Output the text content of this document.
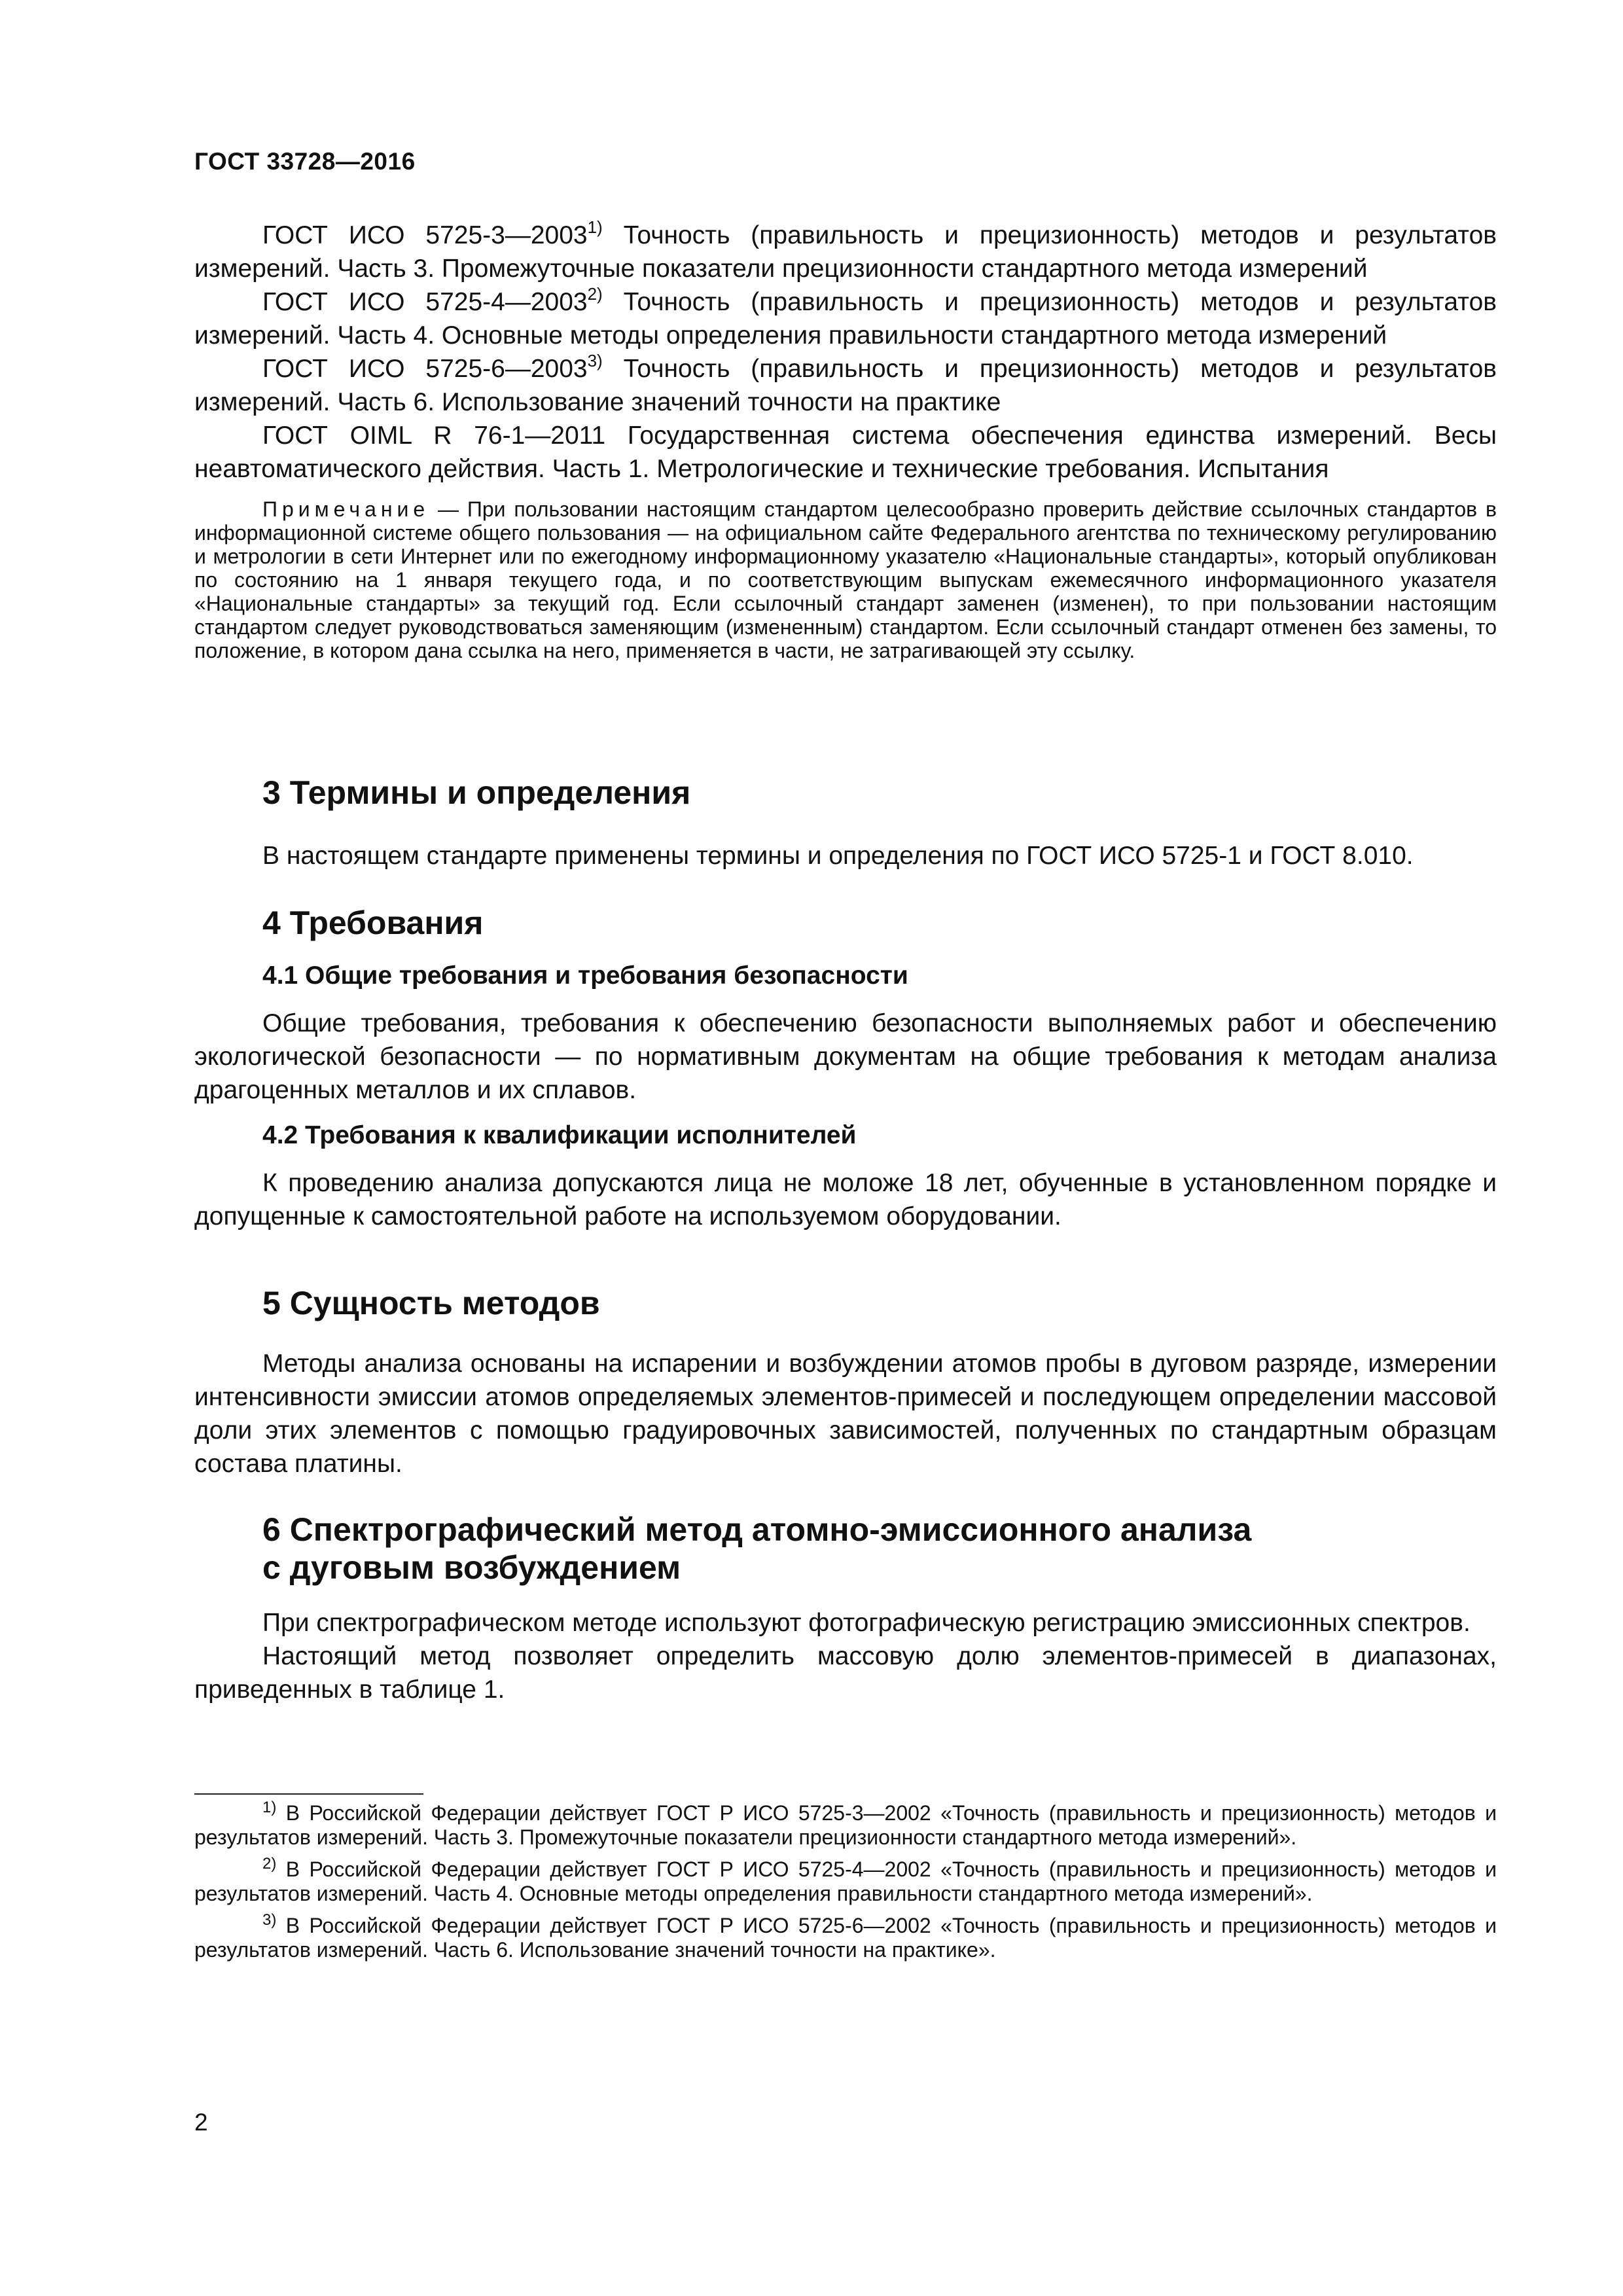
ГОСТ 33728—2016

ГОСТ ИСО 5725-3—2003$^{1)}$ Точность (правильность и прецизионность) методов и результатов измерений. Часть 3. Промежуточные показатели прецизионности стандартного метода измерений

ГОСТ ИСО 5725-4—2003$^{2)}$ Точность (правильность и прецизионность) методов и результатов измерений. Часть 4. Основные методы определения правильности стандартного метода измерений

ГОСТ ИСО 5725-6—2003$^{3)}$ Точность (правильность и прецизионность) методов и результатов измерений. Часть 6. Использование значений точности на практике

ГОСТ OIML R 76-1—2011 Государственная система обеспечения единства измерений. Весы неавтоматического действия. Часть 1. Метрологические и технические требования. Испытания

Примечание — При пользовании настоящим стандартом целесообразно проверить действие ссылочных стандартов в информационной системе общего пользования — на официальном сайте Федерального агентства по техническому регулированию и метрологии в сети Интернет или по ежегодному информационному указателю «Национальные стандарты», который опубликован по состоянию на 1 января текущего года, и по соответствующим выпускам ежемесячного информационного указателя «Национальные стандарты» за текущий год. Если ссылочный стандарт заменен (изменен), то при пользовании настоящим стандартом следует руководствоваться заменяющим (измененным) стандартом. Если ссылочный стандарт отменен без замены, то положение, в котором дана ссылка на него, применяется в части, не затрагивающей эту ссылку.

3 Термины и определения

В настоящем стандарте применены термины и определения по ГОСТ ИСО 5725-1 и ГОСТ 8.010.

4 Требования
4.1 Общие требования и требования безопасности

Общие требования, требования к обеспечению безопасности выполняемых работ и обеспечению экологической безопасности — по нормативным документам на общие требования к методам анализа драгоценных металлов и их сплавов.

4.2 Требования к квалификации исполнителей

К проведению анализа допускаются лица не моложе 18 лет, обученные в установленном порядке и допущенные к самостоятельной работе на используемом оборудовании.

5 Сущность методов

Методы анализа основаны на испарении и возбуждении атомов пробы в дуговом разряде, измерении интенсивности эмиссии атомов определяемых элементов-примесей и последующем определении массовой доли этих элементов с помощью градуировочных зависимостей, полученных по стандартным образцам состава платины.

6 Спектрографический метод атомно-эмиссионного анализа
с дуговым возбуждением

При спектрографическом методе используют фотографическую регистрацию эмиссионных спектров.

Настоящий метод позволяет определить массовую долю элементов-примесей в диапазонах, приведенных в таблице 1.

$^{1)}$ В Российской Федерации действует ГОСТ Р ИСО 5725-3—2002 «Точность (правильность и прецизионность) методов и результатов измерений. Часть 3. Промежуточные показатели прецизионности стандартного метода измерений».

$^{2)}$ В Российской Федерации действует ГОСТ Р ИСО 5725-4—2002 «Точность (правильность и прецизионность) методов и результатов измерений. Часть 4. Основные методы определения правильности стандартного метода измерений».

$^{3)}$ В Российской Федерации действует ГОСТ Р ИСО 5725-6—2002 «Точность (правильность и прецизионность) методов и результатов измерений. Часть 6. Использование значений точности на практике».

2
